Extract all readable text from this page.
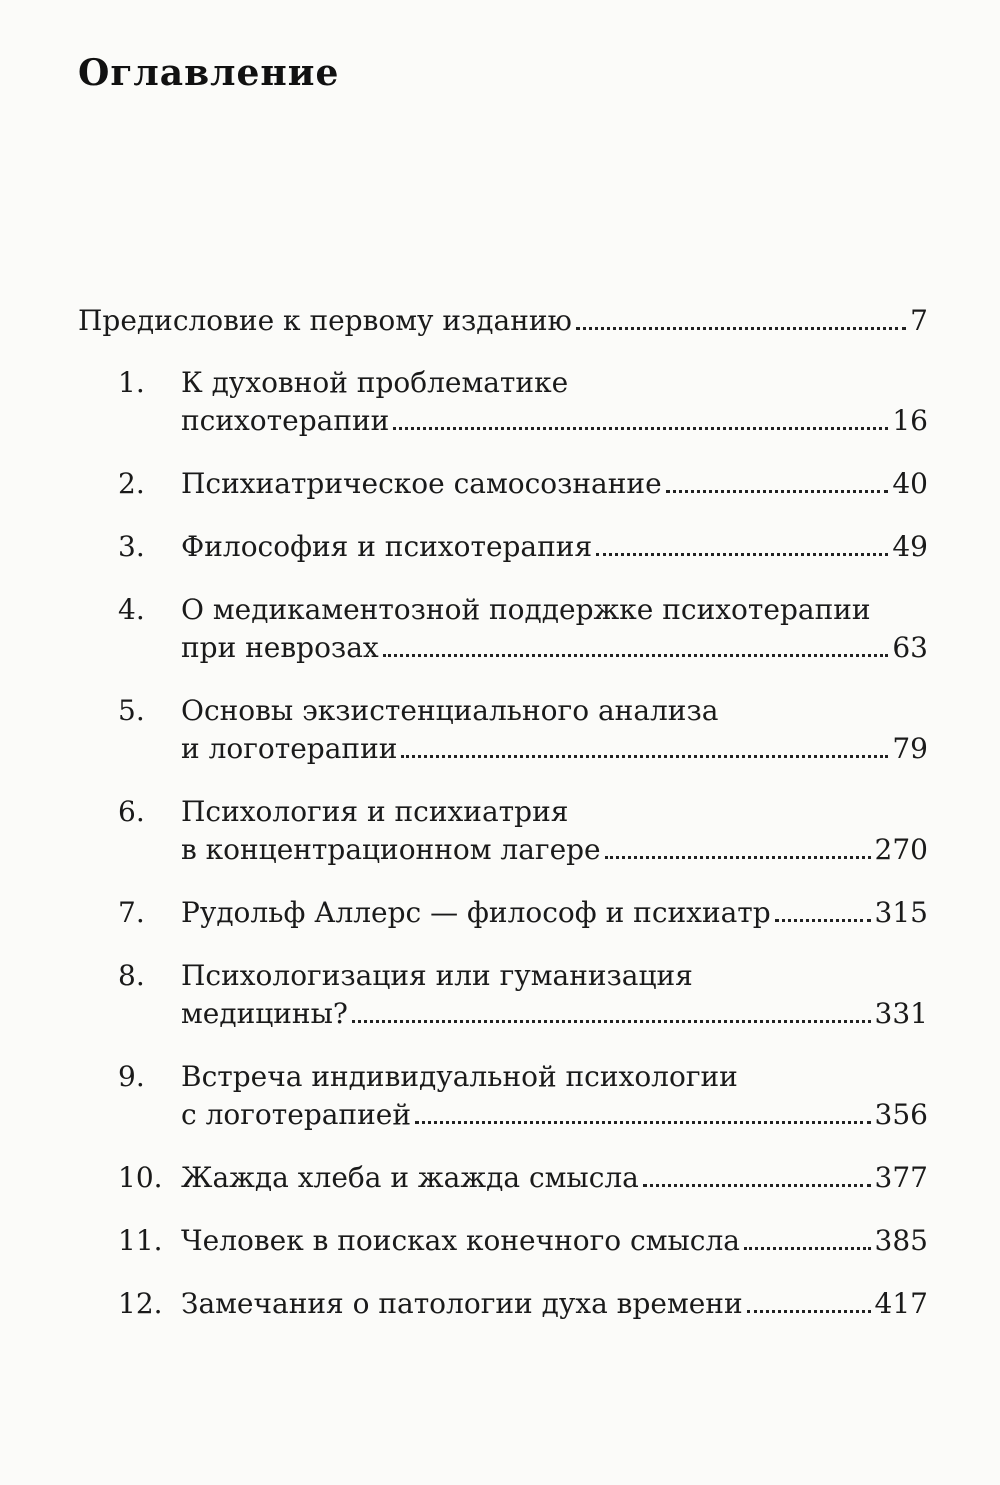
Оглавление
Предисловие к первому изданию	7
1.	К духовной проблематике
психотерапии	16
2.	Психиатрическое самосознание	40
3.	Философия и психотерапия	49
4.	О медикаментозной поддержке психотерапии
при неврозах	63
5.	Основы экзистенциального анализа
и логотерапии	79
6.	Психология и психиатрия
в концентрационном лагере	270
7.	Рудольф Аллерс — философ и психиатр	315
8.	Психологизация или гуманизация
медицины?	331
9.	Встреча индивидуальной психологии
с логотерапией	356
10. Жажда хлеба и жажда смысла	377
11. Человек в поисках конечного смысла	385
12. Замечания о патологии духа времени	417
